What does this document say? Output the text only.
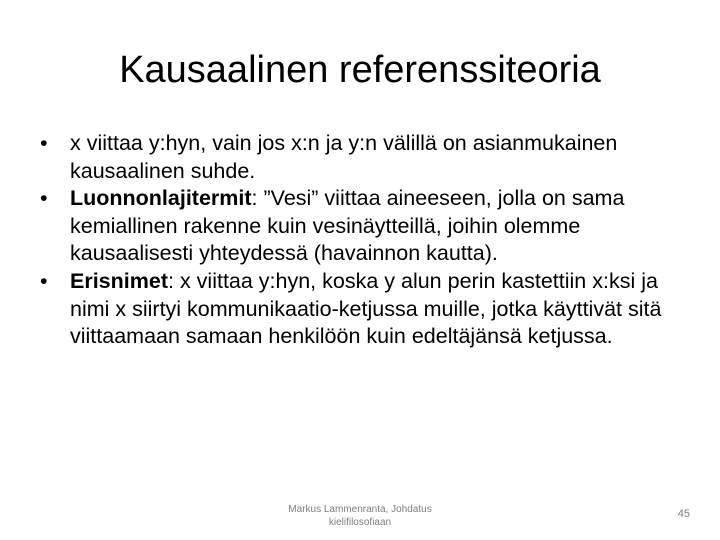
Kausaalinen referenssiteoria
• x viittaa y:hyn, vain jos x:n ja y:n välillä on asianmukainen kausaalinen suhde.
• Luonnonlajitermit: ”Vesi” viittaa aineeseen, jolla on sama kemiallinen rakenne kuin vesinäytteillä, joihin olemme kausaalisesti yhteydessä (havainnon kautta).
• Erisnimet: x viittaa y:hyn, koska y alun perin kastettiin x:ksi ja nimi x siirtyi kommunikaatio-ketjussa muille, jotka käyttivät sitä viittaamaan samaan henkilöön kuin edeltäjänsä ketjussa.
Markus Lammenranta, Johdatus
kielifilosofiaan
45
